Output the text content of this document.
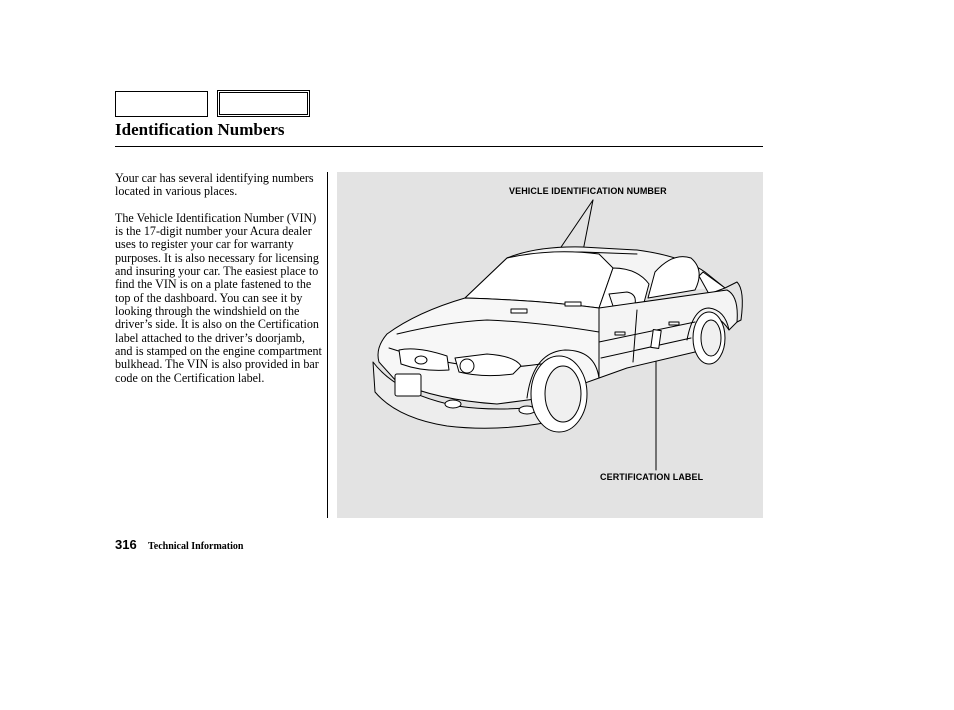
Identification Numbers

Your car has several identifying numbers located in various places.

The Vehicle Identification Number (VIN) is the 17-digit number your Acura dealer uses to register your car for warranty purposes. It is also necessary for licensing and insuring your car. The easiest place to find the VIN is on a plate fastened to the top of the dashboard. You can see it by looking through the windshield on the driver’s side. It is also on the Certification label attached to the driver’s doorjamb, and is stamped on the engine compartment bulkhead. The VIN is also provided in bar code on the Certification label.

VEHICLE IDENTIFICATION NUMBER
CERTIFICATION LABEL
316 Technical Information
